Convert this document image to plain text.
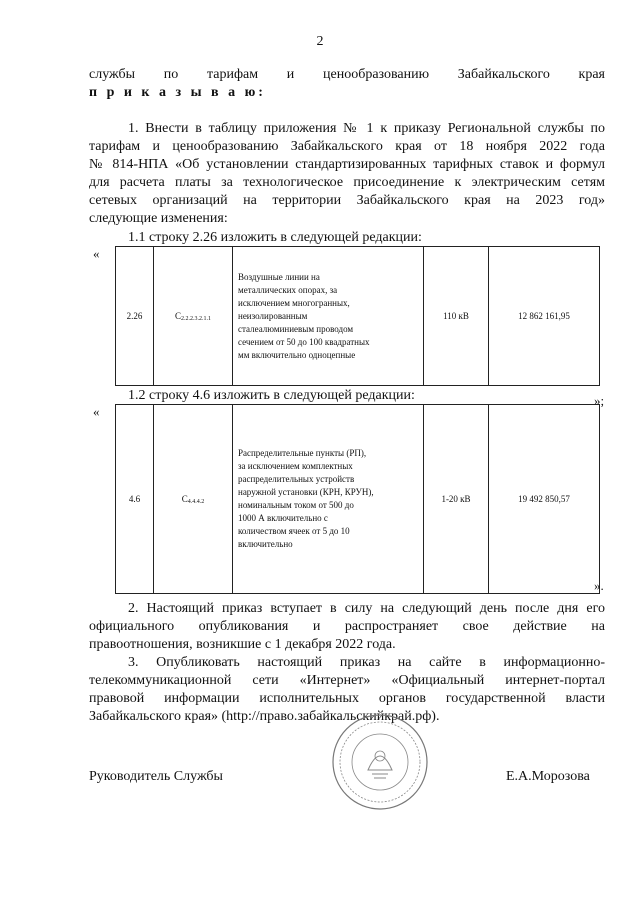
2
службы по тарифам и ценообразованию Забайкальского края
п р и к а з ы в а ю:
1. Внести в таблицу приложения № 1 к приказу Региональной службы по
тарифам и ценообразованию Забайкальского края от 18 ноября 2022 года
№ 814-НПА «Об установлении стандартизированных тарифных ставок и формул
для расчета платы за технологическое присоединение к электрическим сетям
сетевых организаций на территории Забайкальского края на 2023 год»
следующие изменения:
1.1 строку 2.26 изложить в следующей редакции:
«
2.26	С2.2.2.3.2.1.1	
Воздушные линии на
металлических опорах, за
исключением многогранных,
неизолированным
сталеалюминиевым проводом
сечением от 50 до 100 квадратных
мм включительно одноцепные
	110 кВ	12 862 161,95
»;
1.2 строку 4.6 изложить в следующей редакции:
«
4.6	С4.4.4.2	
Распределительные пункты (РП),
за исключением комплектных
распределительных устройств
наружной установки (КРН, КРУН),
номинальным током от 500 до
1000 А включительно с
количеством ячеек от 5 до 10
включительно
	1-20 кВ	19 492 850,57
».
2. Настоящий приказ вступает в силу на следующий день после дня его
официального опубликования и распространяет свое действие на
правоотношения, возникшие с 1 декабря 2022 года.
3. Опубликовать настоящий приказ на сайте в информационно-
телекоммуникационной сети «Интернет» «Официальный интернет-портал
правовой информации исполнительных органов государственной власти
Забайкальского края» (http://право.забайкальскийкрай.рф).
Руководитель Службы	Е.А.Морозова
